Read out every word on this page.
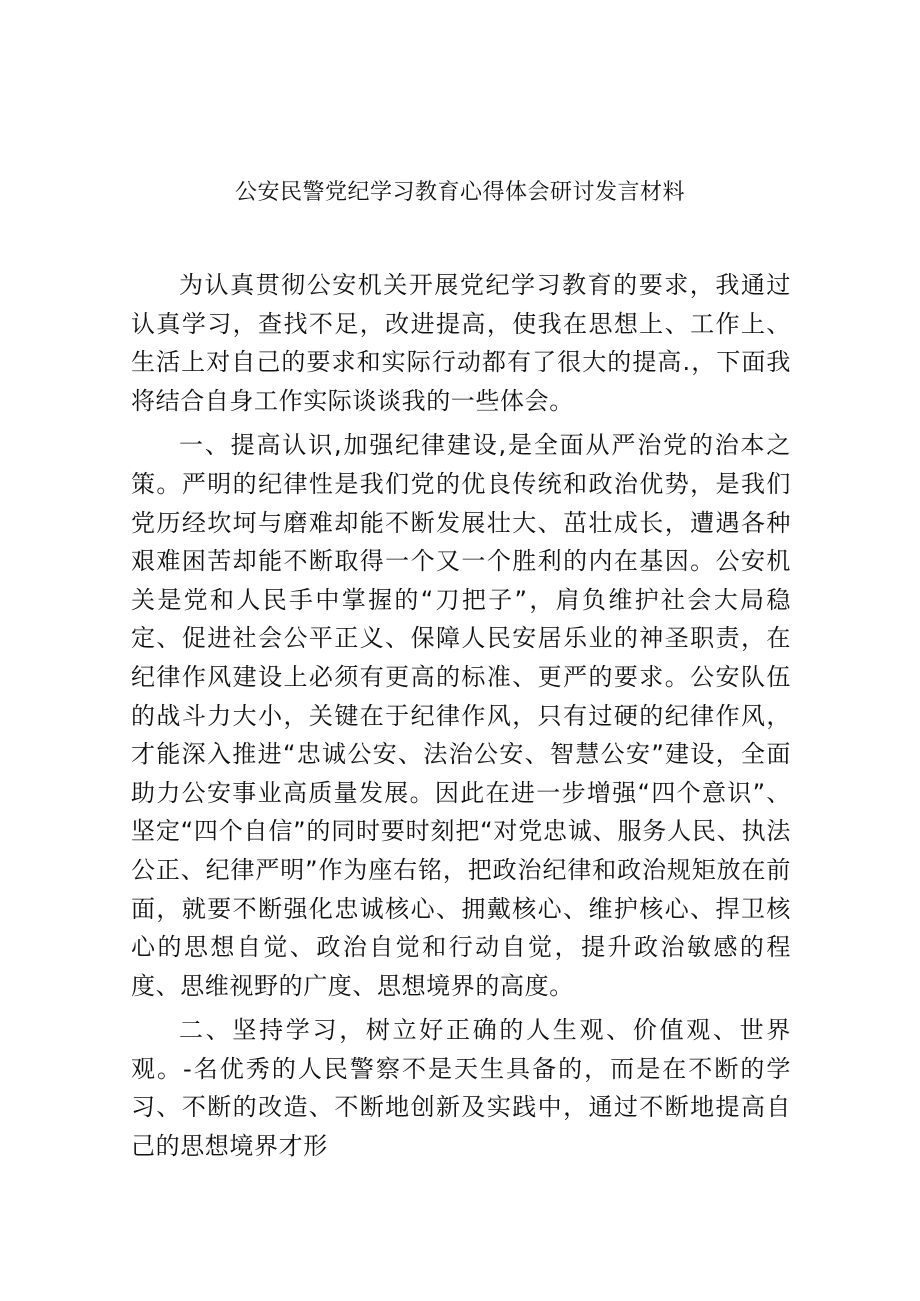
公安民警党纪学习教育心得体会研讨发言材料

为认真贯彻公安机关开展党纪学习教育的要求，我通过认真学习，查找不足，改进提高，使我在思想上、工作上、生活上对自己的要求和实际行动都有了很大的提高.，下面我将结合自身工作实际谈谈我的一些体会。

一、提高认识,加强纪律建设,是全面从严治党的治本之策。严明的纪律性是我们党的优良传统和政治优势，是我们党历经坎坷与磨难却能不断发展壮大、茁壮成长，遭遇各种艰难困苦却能不断取得一个又一个胜利的内在基因。公安机关是党和人民手中掌握的“刀把子”，肩负维护社会大局稳定、促进社会公平正义、保障人民安居乐业的神圣职责，在纪律作风建设上必须有更高的标准、更严的要求。公安队伍的战斗力大小，关键在于纪律作风，只有过硬的纪律作风，才能深入推进“忠诚公安、法治公安、智慧公安”建设，全面助力公安事业高质量发展。因此在进一步增强“四个意识”、坚定“四个自信”的同时要时刻把“对党忠诚、服务人民、执法公正、纪律严明”作为座右铭，把政治纪律和政治规矩放在前面，就要不断强化忠诚核心、拥戴核心、维护核心、捍卫核心的思想自觉、政治自觉和行动自觉，提升政治敏感的程度、思维视野的广度、思想境界的高度。

二、坚持学习，树立好正确的人生观、价值观、世界观。-名优秀的人民警察不是天生具备的，而是在不断的学习、不断的改造、不断地创新及实践中，通过不断地提高自己的思想境界才形
